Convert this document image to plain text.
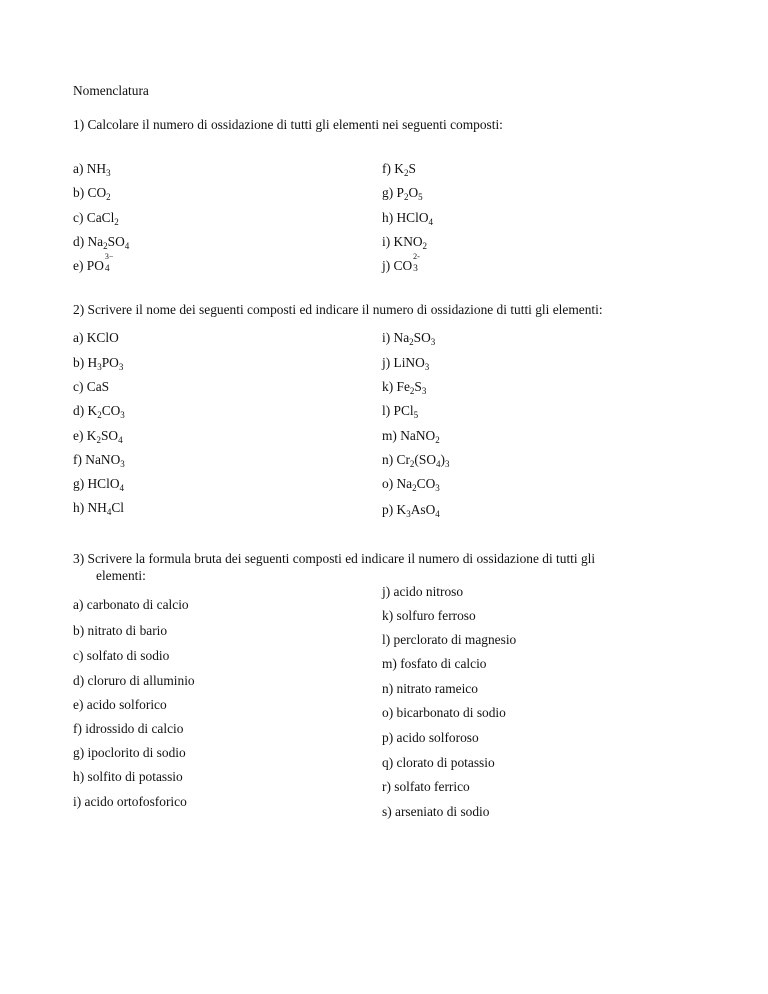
Nomenclatura
1) Calcolare il numero di ossidazione di tutti gli elementi nei seguenti composti:
a) $NH_3$
b) $CO_2$
c) CaCl$_2$
d) $Na_2SO_4$
e) PO
3−
4
f) $K_2S$
g) $P_2O_5$
h) HClO$_4$
i) $KNO_2$
j) CO
2-
3
2) Scrivere il nome dei seguenti composti ed indicare il numero di ossidazione di tutti gli elementi:
a) KClO
b) $H_3PO_3$
c) CaS
d) $K_2CO_3$
e) $K_2SO_4$
f) NaNO$_3$
g) HClO$_4$
h) $NH_4Cl$
i) $Na_2SO_3$
j) LiNO$_3$
k) $Fe_2S_3$
l) PCl$_5$
m) NaNO$_2$
n) $Cr_2(SO_4)_3$
o) $Na_2CO_3$
p) $K_3AsO_4$
3) Scrivere la formula bruta dei seguenti composti ed indicare il numero di ossidazione di tutti gli
elementi:
a) carbonato di calcio
b) nitrato di bario
c) solfato di sodio
d) cloruro di alluminio
e) acido solforico
f) idrossido di calcio
g) ipoclorito di sodio
h) solfito di potassio
i) acido ortofosforico
j) acido nitroso
k) solfuro ferroso
l) perclorato di magnesio
m) fosfato di calcio
n) nitrato rameico
o) bicarbonato di sodio
p) acido solforoso
q) clorato di potassio
r) solfato ferrico
s) arseniato di sodio
